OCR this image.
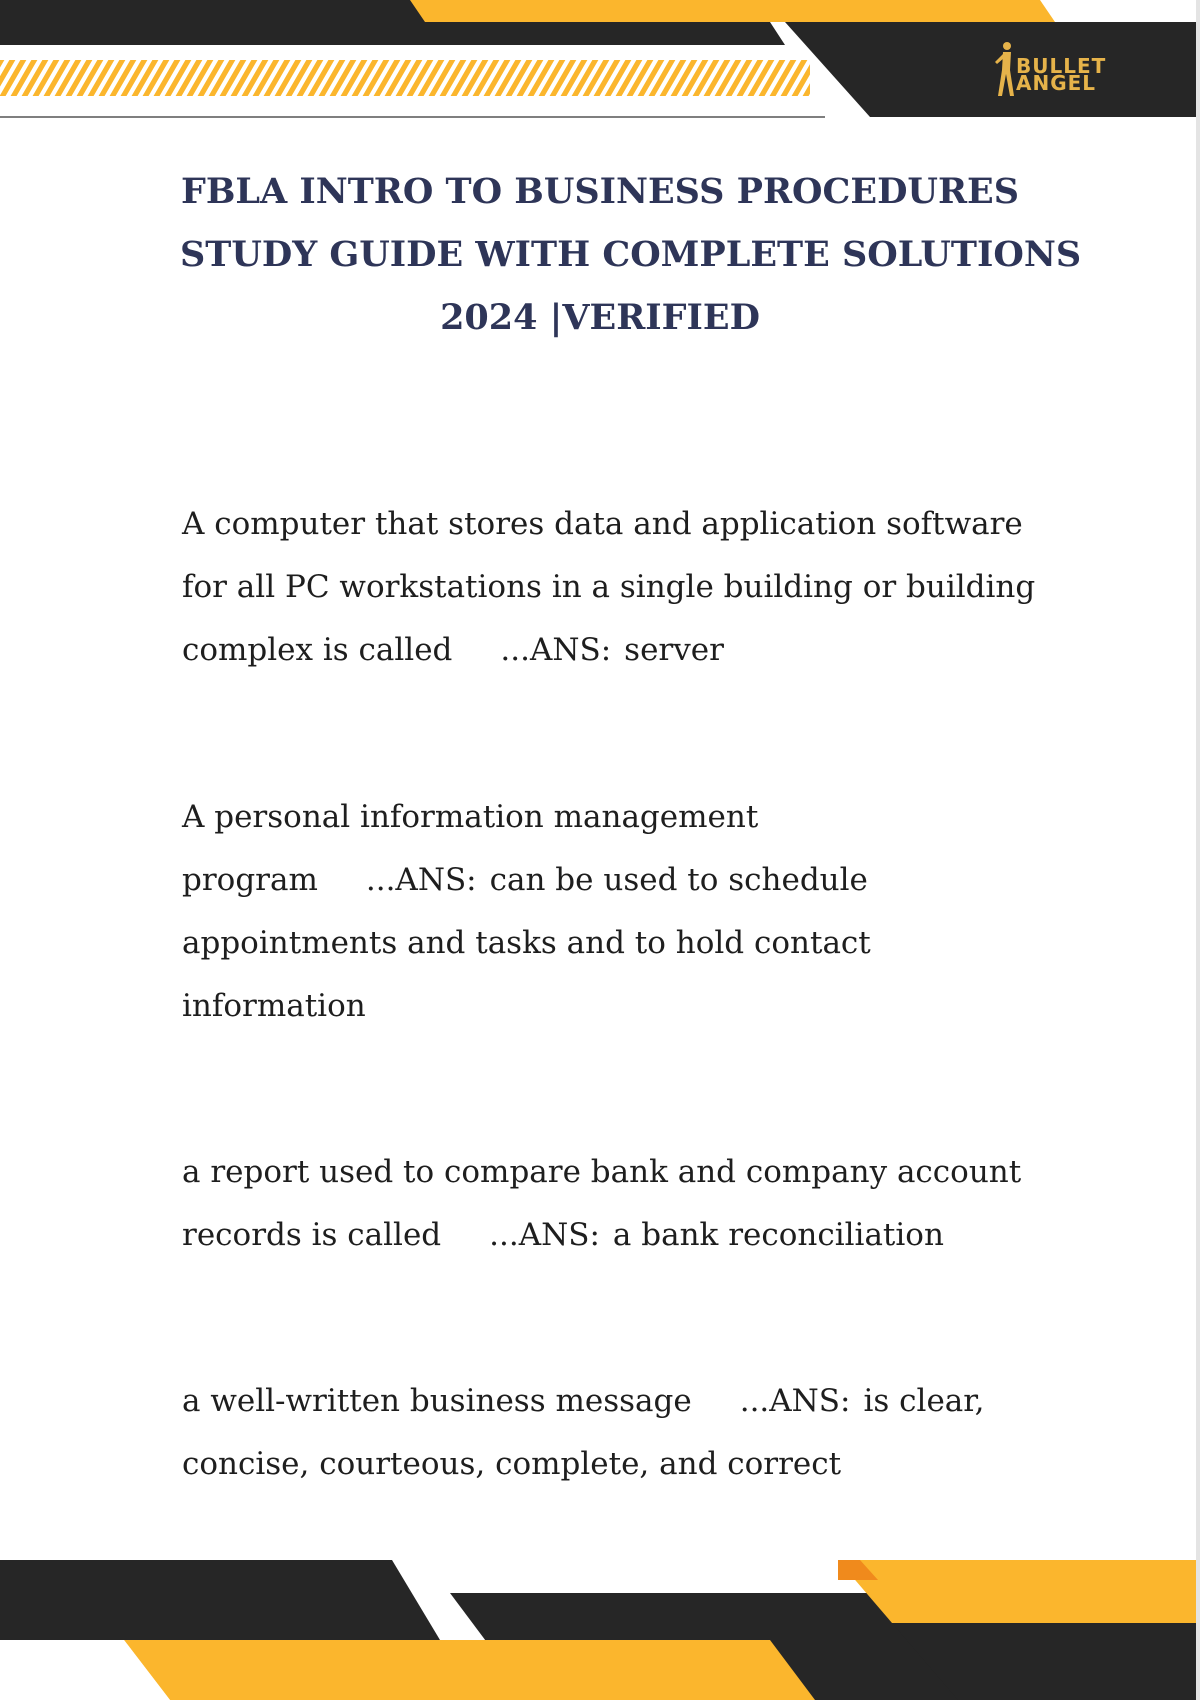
BULLET
ANGEL
FBLA INTRO TO BUSINESS PROCEDURES
STUDY GUIDE WITH COMPLETE SOLUTIONS
2024 |VERIFIED
A computer that stores data and application software
for all PC workstations in a single building or building
complex is called ...ANS: server
A personal information management
program ...ANS: can be used to schedule
appointments and tasks and to hold contact
information
a report used to compare bank and company account
records is called ...ANS: a bank reconciliation
a well-written business message ...ANS: is clear,
concise, courteous, complete, and correct
